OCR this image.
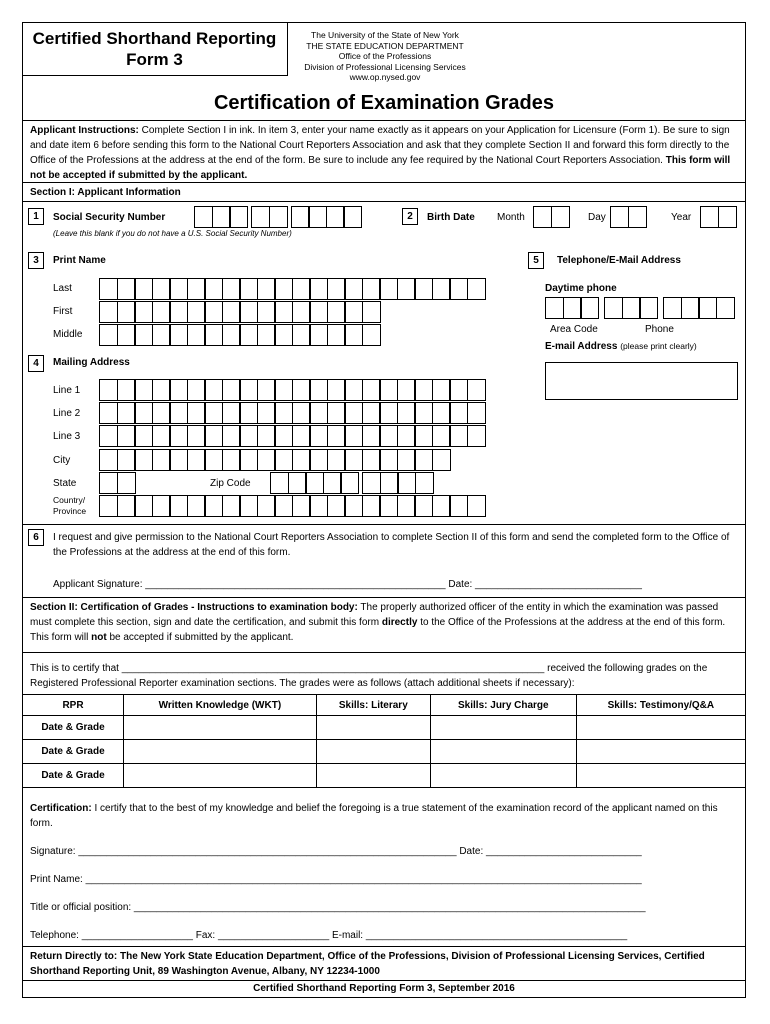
Certified Shorthand Reporting
Form 3
The University of the State of New York
THE STATE EDUCATION DEPARTMENT
Office of the Professions
Division of Professional Licensing Services
www.op.nysed.gov
Certification of Examination Grades
Applicant Instructions: Complete Section I in ink. In item 3, enter your name exactly as it appears on your Application for Licensure (Form 1). Be sure to sign and date item 6 before sending this form to the National Court Reporters Association and ask that they complete Section II and forward this form directly to the Office of the Professions at the address at the end of the form. Be sure to include any fee required by the National Court Reporters Association. This form will not be accepted if submitted by the applicant.
Section I: Applicant Information
1	Social Security Number
(Leave this blank if you do not have a U.S. Social Security Number)
2	Birth Date Month	Day	Year
3	Print Name
Last
First
Middle
5	Telephone/E-Mail Address
Daytime phone
Area Code	Phone
E-mail Address (please print clearly)
4	Mailing Address
Line 1
Line 2
Line 3
City
State	Zip Code
Country/
Province
6	I request and give permission to the National Court Reporters Association to complete Section II of this form and send the completed form to the Office of the Professions at the address at the end of this form.
Applicant Signature: ______________________________________________________ Date: ______________________________
Section II: Certification of Grades - Instructions to examination body: The properly authorized officer of the entity in which the examination was passed must complete this section, sign and date the certification, and submit this form directly to the Office of the Professions at the address at the end of this form. This form will not be accepted if submitted by the applicant.
This is to certify that ____________________________________________________________________________ received the following grades on the Registered Professional Reporter examination sections. The grades were as follows (attach additional sheets if necessary):
RPR	Written Knowledge (WKT)	Skills: Literary	Skills: Jury Charge	Skills: Testimony/Q&A
Date & Grade				
Date & Grade				
Date & Grade				
Certification: I certify that to the best of my knowledge and belief the foregoing is a true statement of the examination record of the applicant named on this form.
Signature: ____________________________________________________________________ Date: ____________________________
Print Name: ____________________________________________________________________________________________________
Title or official position: ____________________________________________________________________________________________
Telephone: ____________________ Fax: ____________________ E-mail: _______________________________________________
Return Directly to: The New York State Education Department, Office of the Professions, Division of Professional Licensing Services, Certified Shorthand Reporting Unit, 89 Washington Avenue, Albany, NY 12234-1000
Certified Shorthand Reporting Form 3, September 2016
